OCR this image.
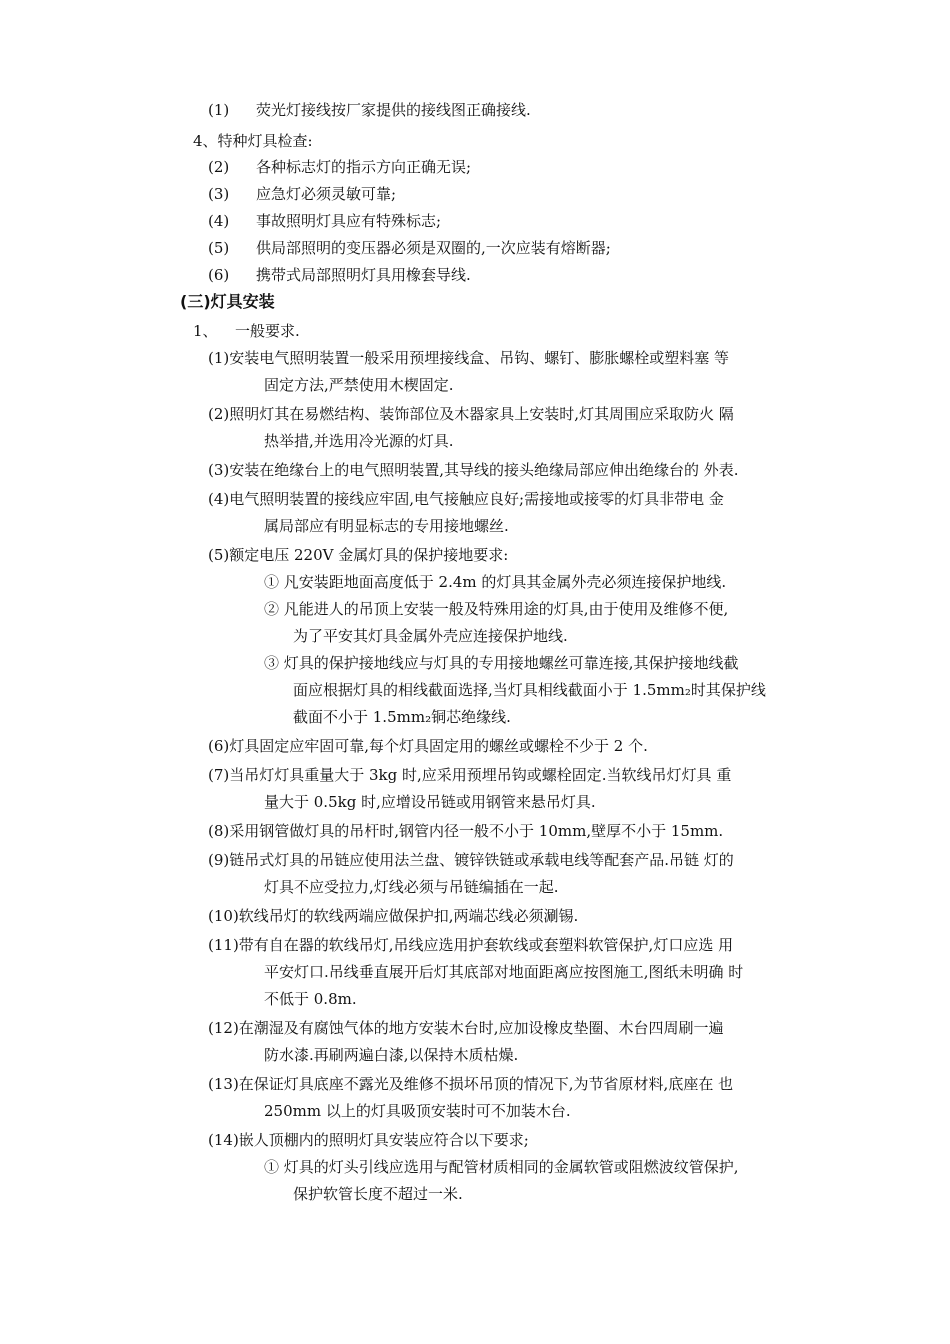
(1) 荧光灯接线按厂家提供的接线图正确接线.
4、特种灯具检查:
(2) 各种标志灯的指示方向正确无误;
(3) 应急灯必须灵敏可靠;
(4) 事故照明灯具应有特殊标志;
(5) 供局部照明的变压器必须是双圈的,一次应装有熔断器;
(6) 携带式局部照明灯具用橡套导线.
(三)灯具安装
1、 一般要求.
(1)安装电气照明装置一般采用预埋接线盒、吊钩、螺钉、膨胀螺栓或塑料塞 等
固定方法,严禁使用木楔固定.
(2)照明灯其在易燃结构、装饰部位及木器家具上安装时,灯其周围应采取防火 隔
热举措,并选用冷光源的灯具.
(3)安装在绝缘台上的电气照明装置,其导线的接头绝缘局部应伸出绝缘台的 外表.
(4)电气照明装置的接线应牢固,电气接触应良好;需接地或接零的灯具非带电 金
属局部应有明显标志的专用接地螺丝.
(5)额定电压 220V 金属灯具的保护接地要求:
① 凡安装距地面高度低于 2.4m 的灯具其金属外壳必须连接保护地线.
② 凡能进人的吊顶上安装一般及特殊用途的灯具,由于使用及维修不便,
为了平安其灯具金属外壳应连接保护地线.
③ 灯具的保护接地线应与灯具的专用接地螺丝可靠连接,其保护接地线截
面应根据灯具的相线截面选择,当灯具相线截面小于 1.5mm₂时其保护线
截面不小于 1.5mm₂铜芯绝缘线.
(6)灯具固定应牢固可靠,每个灯具固定用的螺丝或螺栓不少于 2 个.
(7)当吊灯灯具重量大于 3kg 时,应采用预埋吊钩或螺栓固定.当软线吊灯灯具 重
量大于 0.5kg 时,应增设吊链或用钢管来悬吊灯具.
(8)采用钢管做灯具的吊杆时,钢管内径一般不小于 10mm,壁厚不小于 15mm.
(9)链吊式灯具的吊链应使用法兰盘、镀锌铁链或承载电线等配套产品.吊链 灯的
灯具不应受拉力,灯线必须与吊链编插在一起.
(10)软线吊灯的软线两端应做保护扣,两端芯线必须涮锡.
(11)带有自在器的软线吊灯,吊线应选用护套软线或套塑料软管保护,灯口应选 用
平安灯口.吊线垂直展开后灯其底部对地面距离应按图施工,图纸未明确 时
不低于 0.8m.
(12)在潮湿及有腐蚀气体的地方安装木台时,应加设橡皮垫圈、木台四周刷一遍
防水漆.再刷两遍白漆,以保持木质枯燥.
(13)在保证灯具底座不露光及维修不损坏吊顶的情况下,为节省原材料,底座在 也
250mm 以上的灯具吸顶安装时可不加装木台.
(14)嵌人顶棚内的照明灯具安装应符合以下要求;
① 灯具的灯头引线应选用与配管材质相同的金属软管或阻燃波纹管保护,
保护软管长度不超过一米.
